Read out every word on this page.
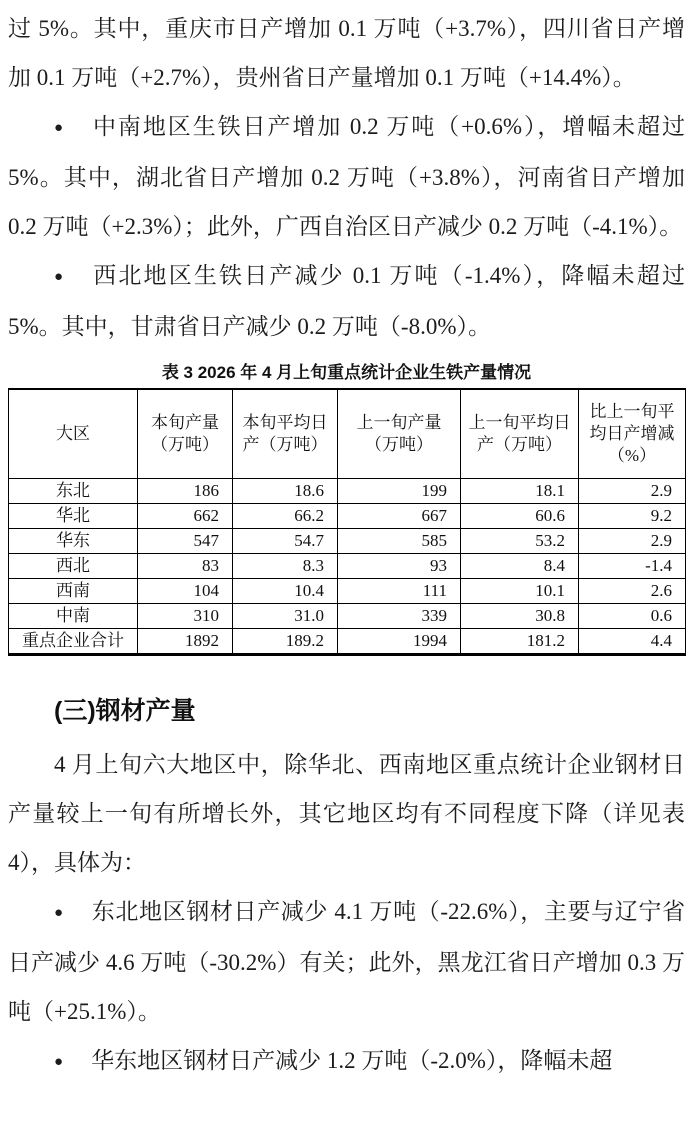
过 5%。其中，重庆市日产增加 0.1 万吨（+3.7%），四川省日产增加 0.1 万吨（+2.7%），贵州省日产量增加 0.1 万吨（+14.4%）。

● 中南地区生铁日产增加 0.2 万吨（+0.6%），增幅未超过 5%。其中，湖北省日产增加 0.2 万吨（+3.8%），河南省日产增加 0.2 万吨（+2.3%）；此外，广西自治区日产减少 0.2 万吨（-4.1%）。

● 西北地区生铁日产减少 0.1 万吨（-1.4%），降幅未超过 5%。其中，甘肃省日产减少 0.2 万吨（-8.0%）。

表 3 2026 年 4 月上旬重点统计企业生铁产量情况
大区	本旬产量（万吨）	本旬平均日产（万吨）	上一旬产量（万吨）	上一旬平均日产（万吨）	比上一旬平均日产增减（%）
东北	186	18.6	199	18.1	2.9
华北	662	66.2	667	60.6	9.2
华东	547	54.7	585	53.2	2.9
西北	83	8.3	93	8.4	-1.4
西南	104	10.4	111	10.1	2.6
中南	310	31.0	339	30.8	0.6
重点企业合计	1892	189.2	1994	181.2	4.4
(三)钢材产量

4 月上旬六大地区中，除华北、西南地区重点统计企业钢材日产量较上一旬有所增长外，其它地区均有不同程度下降（详见表 4），具体为：

● 东北地区钢材日产减少 4.1 万吨（-22.6%），主要与辽宁省日产减少 4.6 万吨（-30.2%）有关；此外，黑龙江省日产增加 0.3 万吨（+25.1%）。

● 华东地区钢材日产减少 1.2 万吨（-2.0%），降幅未超
